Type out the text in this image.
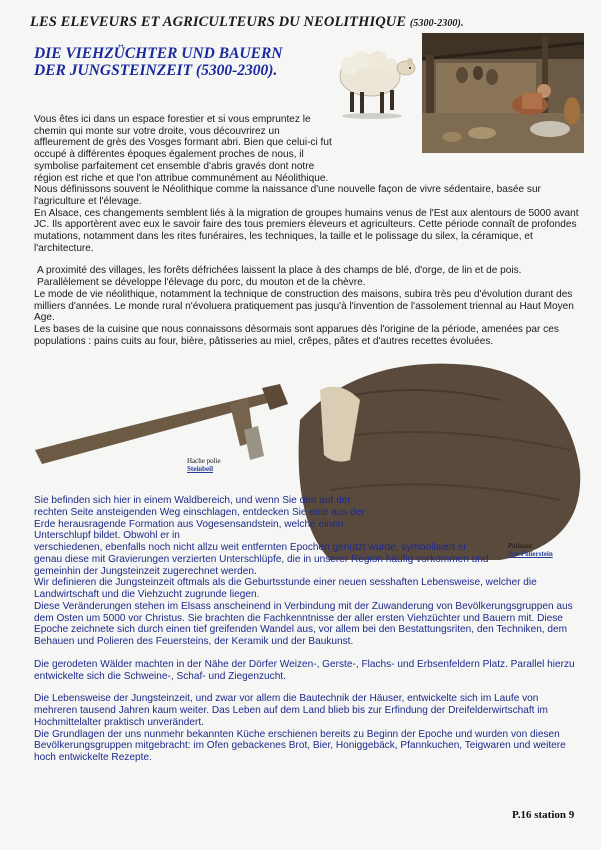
LES ELEVEURS ET AGRICULTEURS DU NEOLITHIQUE (5300-2300).
DIE VIEHZÜCHTER UND BAUERN
DER JUNGSTEINZEIT (5300-2300).

Vous êtes ici dans un espace forestier et si vous empruntez le chemin qui monte sur votre droite, vous découvrirez un affleurement de grès des Vosges formant abri. Bien que celui-ci fut occupé à différentes époques également proches de nous, il symbolise parfaitement cet ensemble d'abris gravés dont notre région est riche et que l'on attribue communément au Néolithique.

Nous définissons souvent le Néolithique comme la naissance d'une nouvelle façon de vivre sédentaire, basée sur l'agriculture et l'élevage.

En Alsace, ces changements semblent liés à la migration de groupes humains venus de l'Est aux alentours de 5000 avant JC. Ils apportèrent avec eux le savoir faire des tous premiers éleveurs et agriculteurs. Cette période connaît de profondes mutations, notamment dans les rites funéraires, les techniques, la taille et le polissage du silex, la céramique, et l'architecture.

A proximité des villages, les forêts défrichées laissent la place à des champs de blé, d'orge, de lin et de pois. Parallèlement se développe l'élevage du porc, du mouton et de la chèvre.

Le mode de vie néolithique, notamment la technique de construction des maisons, subira très peu d'évolution durant des milliers d'années. Le monde rural n'évoluera pratiquement pas jusqu'à l'invention de l'assolement triennal au Haut Moyen Age.

Les bases de la cuisine que nous connaissons désormais sont apparues dès l'origine de la période, amenées par ces populations : pains cuits au four, bière, pâtisseries au miel, crêpes, pâtes et d'autres recettes évoluées.

Hache polie
Steinbeil
Polissoir
Der Poliersteín

Sie befinden sich hier in einem Waldbereich, und wenn Sie den auf der rechten Seite ansteigenden Weg einschlagen, entdecken Sie eine aus der Erde herausragende Formation aus Vogesensandstein, welche einen Unterschlupf bildet. Obwohl er in

verschiedenen, ebenfalls noch nicht allzu weit entfernten Epochen genutzt wurde, symbolisiert er genau diese mit Gravierungen verzierten Unterschlüpfe, die in unserer Region häufig vorkommen und gemeinhin der Jungsteinzeit zugerechnet werden.

Wir definieren die Jungsteinzeit oftmals als die Geburtsstunde einer neuen sesshaften Lebensweise, welcher die Landwirtschaft und die Viehzucht zugrunde liegen.

Diese Veränderungen stehen im Elsass anscheinend in Verbindung mit der Zuwanderung von Bevölkerungsgruppen aus dem Osten um 5000 vor Christus. Sie brachten die Fachkenntnisse der aller ersten Viehzüchter und Bauern mit. Diese Epoche zeichnete sich durch einen tief greifenden Wandel aus, vor allem bei den Bestattungsriten, den Techniken, dem Behauen und Polieren des Feuersteins, der Keramik und der Baukunst.

Die gerodeten Wälder machten in der Nähe der Dörfer Weizen-, Gerste-, Flachs- und Erbsenfeldern Platz. Parallel hierzu entwickelte sich die Schweine-, Schaf- und Ziegenzucht.

Die Lebensweise der Jungsteinzeit, und zwar vor allem die Bautechnik der Häuser, entwickelte sich im Laufe von mehreren tausend Jahren kaum weiter. Das Leben auf dem Land blieb bis zur Erfindung der Dreifelderwirtschaft im Hochmittelalter praktisch unverändert.

Die Grundlagen der uns nunmehr bekannten Küche erschienen bereits zu Beginn der Epoche und wurden von diesen Bevölkerungsgruppen mitgebracht: im Ofen gebackenes Brot, Bier, Honiggebäck, Pfannkuchen, Teigwaren und weitere hoch entwickelte Rezepte.

P.16 station 9
